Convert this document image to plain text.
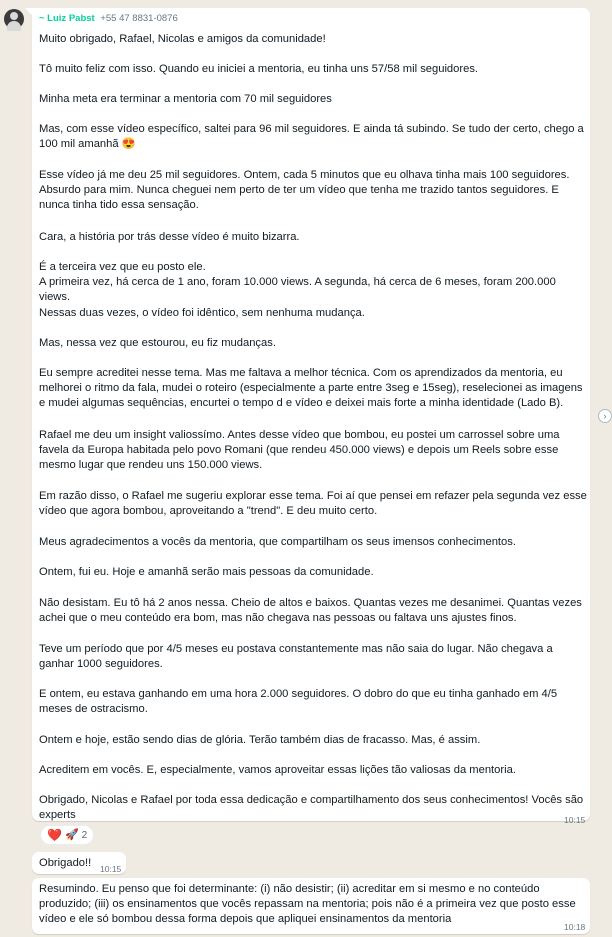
~ Luiz Pabst +55 47 8831-0876

Muito obrigado, Rafael, Nicolas e amigos da comunidade!

Tô muito feliz com isso. Quando eu iniciei a mentoria, eu tinha uns 57/58 mil seguidores.

Minha meta era terminar a mentoria com 70 mil seguidores

Mas, com esse vídeo específico, saltei para 96 mil seguidores. E ainda tá subindo. Se tudo der certo, chego a
100 mil amanhã 😍

Esse vídeo já me deu 25 mil seguidores. Ontem, cada 5 minutos que eu olhava tinha mais 100 seguidores.
Absurdo para mim. Nunca cheguei nem perto de ter um vídeo que tenha me trazido tantos seguidores. E
nunca tinha tido essa sensação.

Cara, a história por trás desse vídeo é muito bizarra.

É a terceira vez que eu posto ele.
A primeira vez, há cerca de 1 ano, foram 10.000 views. A segunda, há cerca de 6 meses, foram 200.000 views.

Nessas duas vezes, o vídeo foi idêntico, sem nenhuma mudança.

Mas, nessa vez que estourou, eu fiz mudanças.

Eu sempre acreditei nesse tema. Mas me faltava a melhor técnica. Com os aprendizados da mentoria, eu
melhorei o ritmo da fala, mudei o roteiro (especialmente a parte entre 3seg e 15seg), reselecionei as imagens
e mudei algumas sequências, encurtei o tempo d e vídeo e deixei mais forte a minha identidade (Lado B).

Rafael me deu um insight valiossímo. Antes desse vídeo que bombou, eu postei um carrossel sobre uma
favela da Europa habitada pelo povo Romani (que rendeu 450.000 views) e depois um Reels sobre esse
mesmo lugar que rendeu uns 150.000 views.

Em razão disso, o Rafael me sugeriu explorar esse tema. Foi aí que pensei em refazer pela segunda vez esse
vídeo que agora bombou, aproveitando a "trend". E deu muito certo.

Meus agradecimentos a vocês da mentoria, que compartilham os seus imensos conhecimentos.

Ontem, fui eu. Hoje e amanhã serão mais pessoas da comunidade.

Não desistam. Eu tô há 2 anos nessa. Cheio de altos e baixos. Quantas vezes me desanimei. Quantas vezes
achei que o meu conteúdo era bom, mas não chegava nas pessoas ou faltava uns ajustes finos.

Teve um período que por 4/5 meses eu postava constantemente mas não saia do lugar. Não chegava a
ganhar 1000 seguidores.

E ontem, eu estava ganhando em uma hora 2.000 seguidores. O dobro do que eu tinha ganhado em 4/5
meses de ostracismo.

Ontem e hoje, estão sendo dias de glória. Terão também dias de fracasso. Mas, é assim.

Acreditem em vocês. E, especialmente, vamos aproveitar essas lições tão valiosas da mentoria.

Obrigado, Nicolas e Rafael por toda essa dedicação e compartilhamento dos seus conhecimentos! Vocês são
experts	10:15
❤️ 🚀 2
Obrigado!! 10:15
Resumindo. Eu penso que foi determinante: (i) não desistir; (ii) acreditar em si mesmo e no conteúdo
produzido; (iii) os ensinamentos que vocês repassam na mentoria; pois não é a primeira vez que posto esse
vídeo e ele só bombou dessa forma depois que apliquei ensinamentos da mentoria
10:18
›
